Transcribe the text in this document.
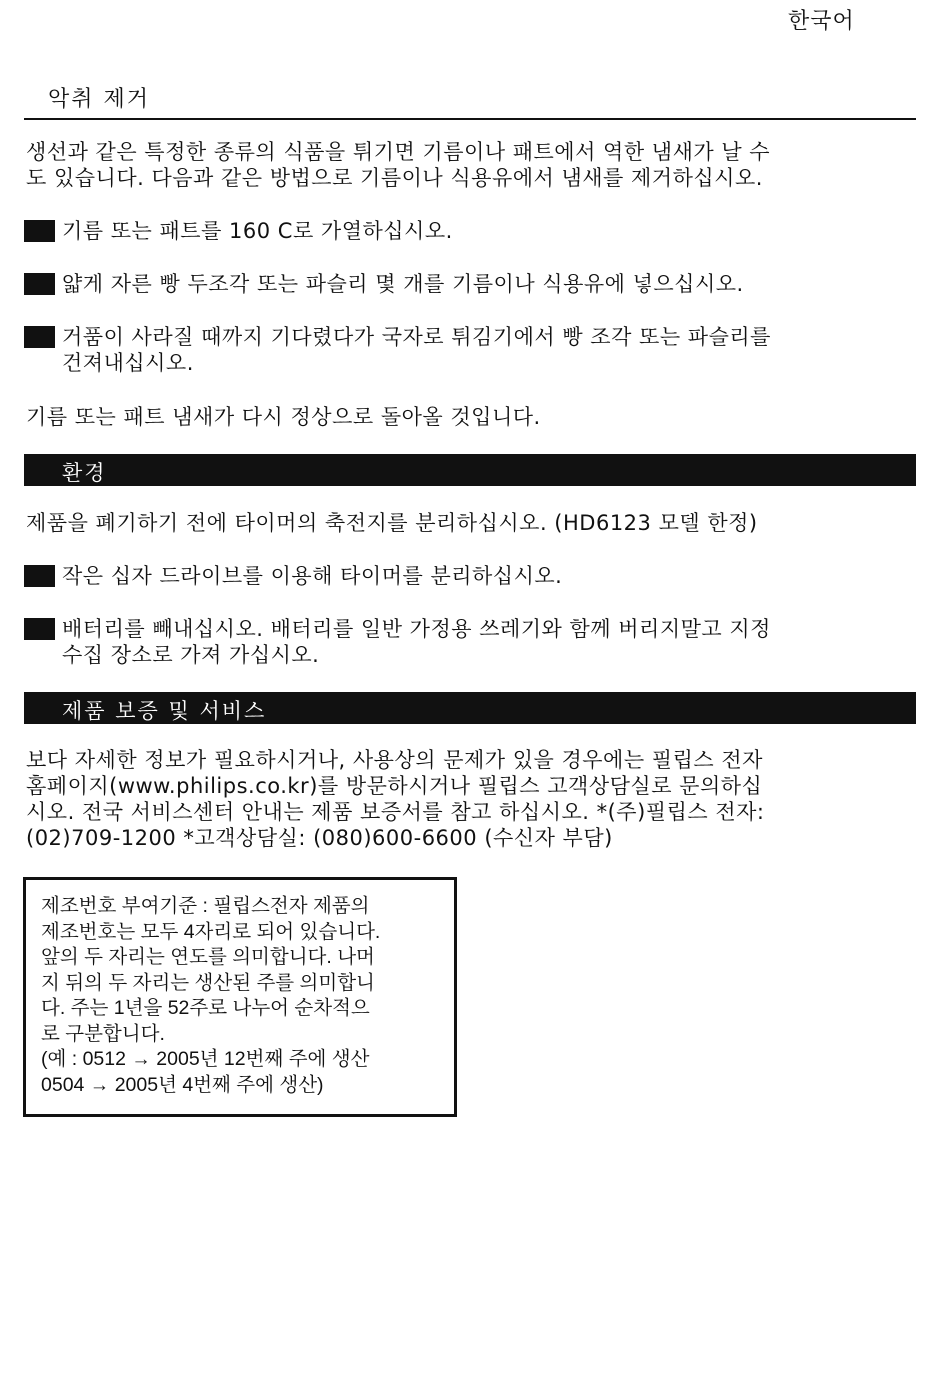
한국어
악취 제거
생선과 같은 특정한 종류의 식품을 튀기면 기름이나 패트에서 역한 냄새가 날 수
도 있습니다. 다음과 같은 방법으로 기름이나 식용유에서 냄새를 제거하십시오.
기름 또는 패트를 160 C로 가열하십시오.
얇게 자른 빵 두조각 또는 파슬리 몇 개를 기름이나 식용유에 넣으십시오.
거품이 사라질 때까지 기다렸다가 국자로 튀김기에서 빵 조각 또는 파슬리를
건져내십시오.
기름 또는 패트 냄새가 다시 정상으로 돌아올 것입니다.
환경
제품을 폐기하기 전에 타이머의 축전지를 분리하십시오. (HD6123 모델 한정)
작은 십자 드라이브를 이용해 타이머를 분리하십시오.
배터리를 빼내십시오. 배터리를 일반 가정용 쓰레기와 함께 버리지말고 지정
수집 장소로 가져 가십시오.
제품 보증 및 서비스
보다 자세한 정보가 필요하시거나, 사용상의 문제가 있을 경우에는 필립스 전자
홈페이지(www.philips.co.kr)를 방문하시거나 필립스 고객상담실로 문의하십
시오. 전국 서비스센터 안내는 제품 보증서를 참고 하십시오. *(주)필립스 전자:
(02)709-1200 *고객상담실: (080)600-6600 (수신자 부담)
제조번호 부여기준 : 필립스전자 제품의
제조번호는 모두 4자리로 되어 있습니다.
앞의 두 자리는 연도를 의미합니다. 나머
지 뒤의 두 자리는 생산된 주를 의미합니
다. 주는 1년을 52주로 나누어 순차적으
로 구분합니다.
(예 : 0512 → 2005년 12번째 주에 생산
0504 → 2005년 4번째 주에 생산)
